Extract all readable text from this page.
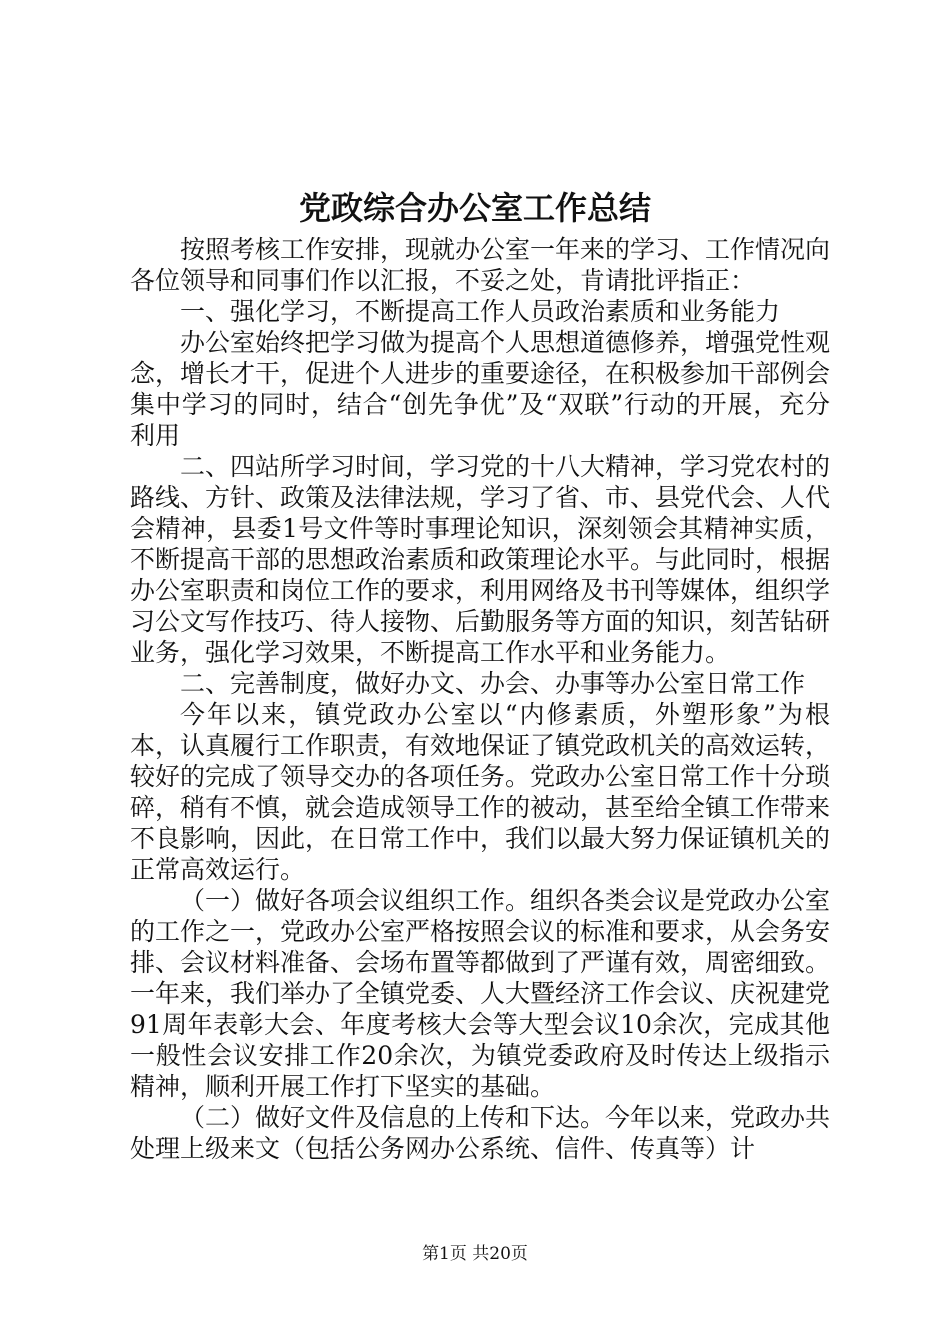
党政综合办公室工作总结

按照考核工作安排，现就办公室一年来的学习、工作情况向各位领导和同事们作以汇报，不妥之处，肯请批评指正：

一、强化学习，不断提高工作人员政治素质和业务能力

办公室始终把学习做为提高个人思想道德修养，增强党性观念，增长才干，促进个人进步的重要途径，在积极参加干部例会集中学习的同时，结合“创先争优”及“双联”行动的开展，充分利用

二、四站所学习时间，学习党的十八大精神，学习党农村的路线、方针、政策及法律法规，学习了省、市、县党代会、人代会精神，县委1号文件等时事理论知识，深刻领会其精神实质，不断提高干部的思想政治素质和政策理论水平。与此同时，根据办公室职责和岗位工作的要求，利用网络及书刊等媒体，组织学习公文写作技巧、待人接物、后勤服务等方面的知识，刻苦钻研业务，强化学习效果，不断提高工作水平和业务能力。

二、完善制度，做好办文、办会、办事等办公室日常工作

今年以来，镇党政办公室以“内修素质，外塑形象”为根本，认真履行工作职责，有效地保证了镇党政机关的高效运转，较好的完成了领导交办的各项任务。党政办公室日常工作十分琐碎，稍有不慎，就会造成领导工作的被动，甚至给全镇工作带来不良影响，因此，在日常工作中，我们以最大努力保证镇机关的正常高效运行。

（一）做好各项会议组织工作。组织各类会议是党政办公室的工作之一，党政办公室严格按照会议的标准和要求，从会务安排、会议材料准备、会场布置等都做到了严谨有效，周密细致。一年来，我们举办了全镇党委、人大暨经济工作会议、庆祝建党91周年表彰大会、年度考核大会等大型会议10余次，完成其他一般性会议安排工作20余次，为镇党委政府及时传达上级指示精神，顺利开展工作打下坚实的基础。

（二）做好文件及信息的上传和下达。今年以来，党政办共处理上级来文（包括公务网办公系统、信件、传真等）计

第1页 共20页
